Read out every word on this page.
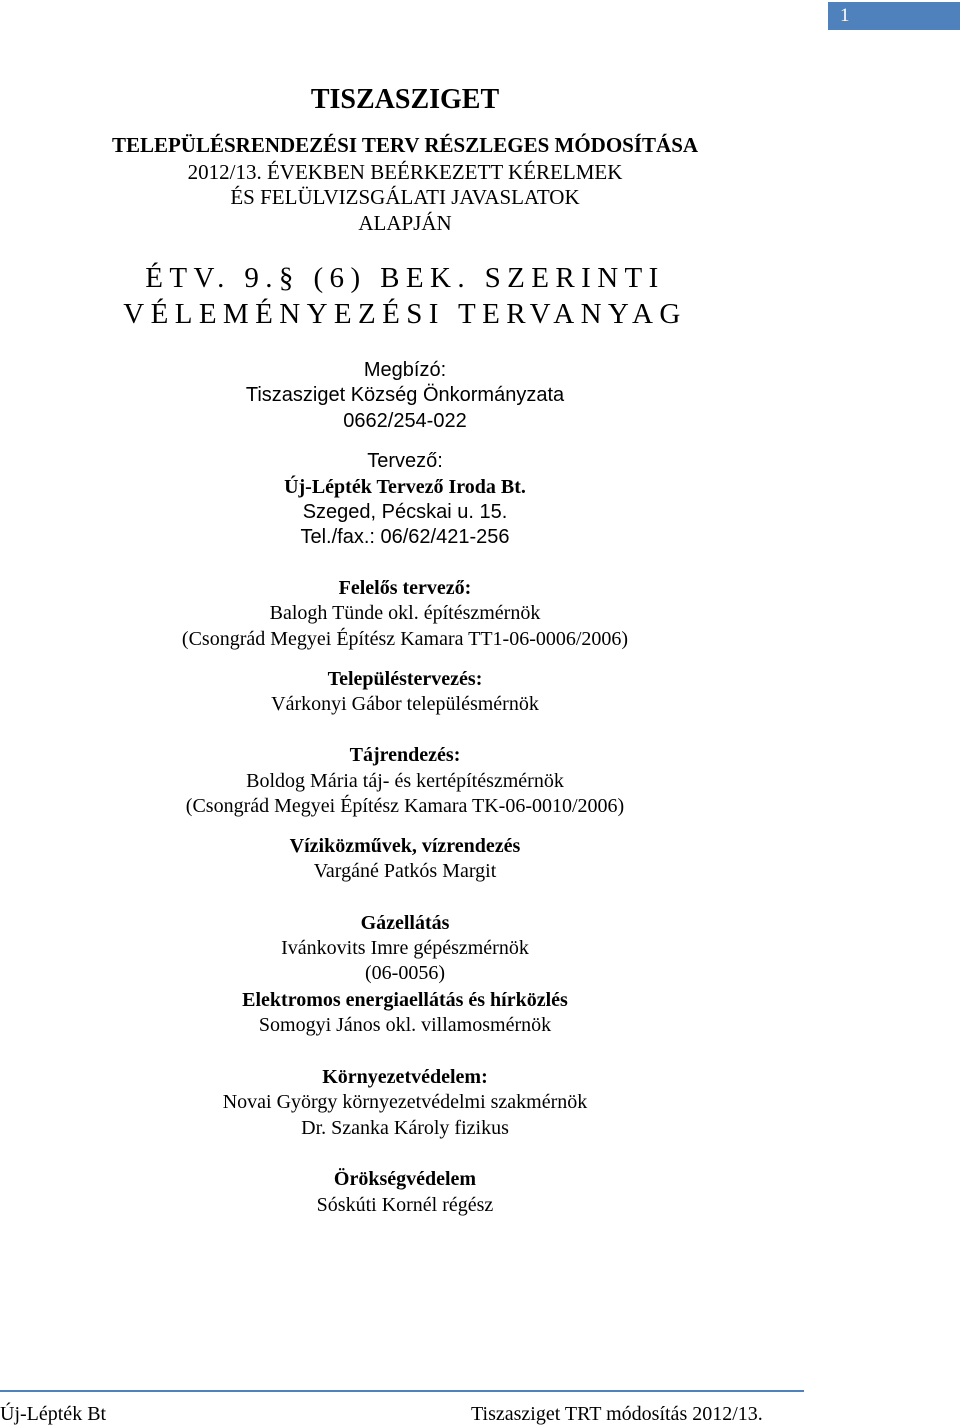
1
TISZASZIGET
TELEPÜLÉSRENDEZÉSI TERV RÉSZLEGES MÓDOSÍTÁSA
2012/13. ÉVEKBEN BEÉRKEZETT KÉRELMEK
ÉS FELÜLVIZSGÁLATI JAVASLATOK
ALAPJÁN
ÉTV. 9.§ (6) BEK. SZERINTI
VÉLEMÉNYEZÉSI TERVANYAG
Megbízó:
Tiszasziget Község Önkormányzata
0662/254-022
Tervező:
Új-Lépték Tervező Iroda Bt.
Szeged, Pécskai u. 15.
Tel./fax.: 06/62/421-256
Felelős tervező:
Balogh Tünde okl. építészmérnök
(Csongrád Megyei Építész Kamara TT1-06-0006/2006)
Településtervezés:
Várkonyi Gábor településmérnök
Tájrendezés:
Boldog Mária táj- és kertépítészmérnök
(Csongrád Megyei Építész Kamara TK-06-0010/2006)
Víziközművek, vízrendezés
Vargáné Patkós Margit
Gázellátás
Ivánkovits Imre gépészmérnök
(06-0056)
Elektromos energiaellátás és hírközlés
Somogyi János okl. villamosmérnök
Környezetvédelem:
Novai György környezetvédelmi szakmérnök
Dr. Szanka Károly fizikus
Örökségvédelem
Sóskúti Kornél régész
Új-Lépték Bt	Tiszasziget TRT módosítás 2012/13.
